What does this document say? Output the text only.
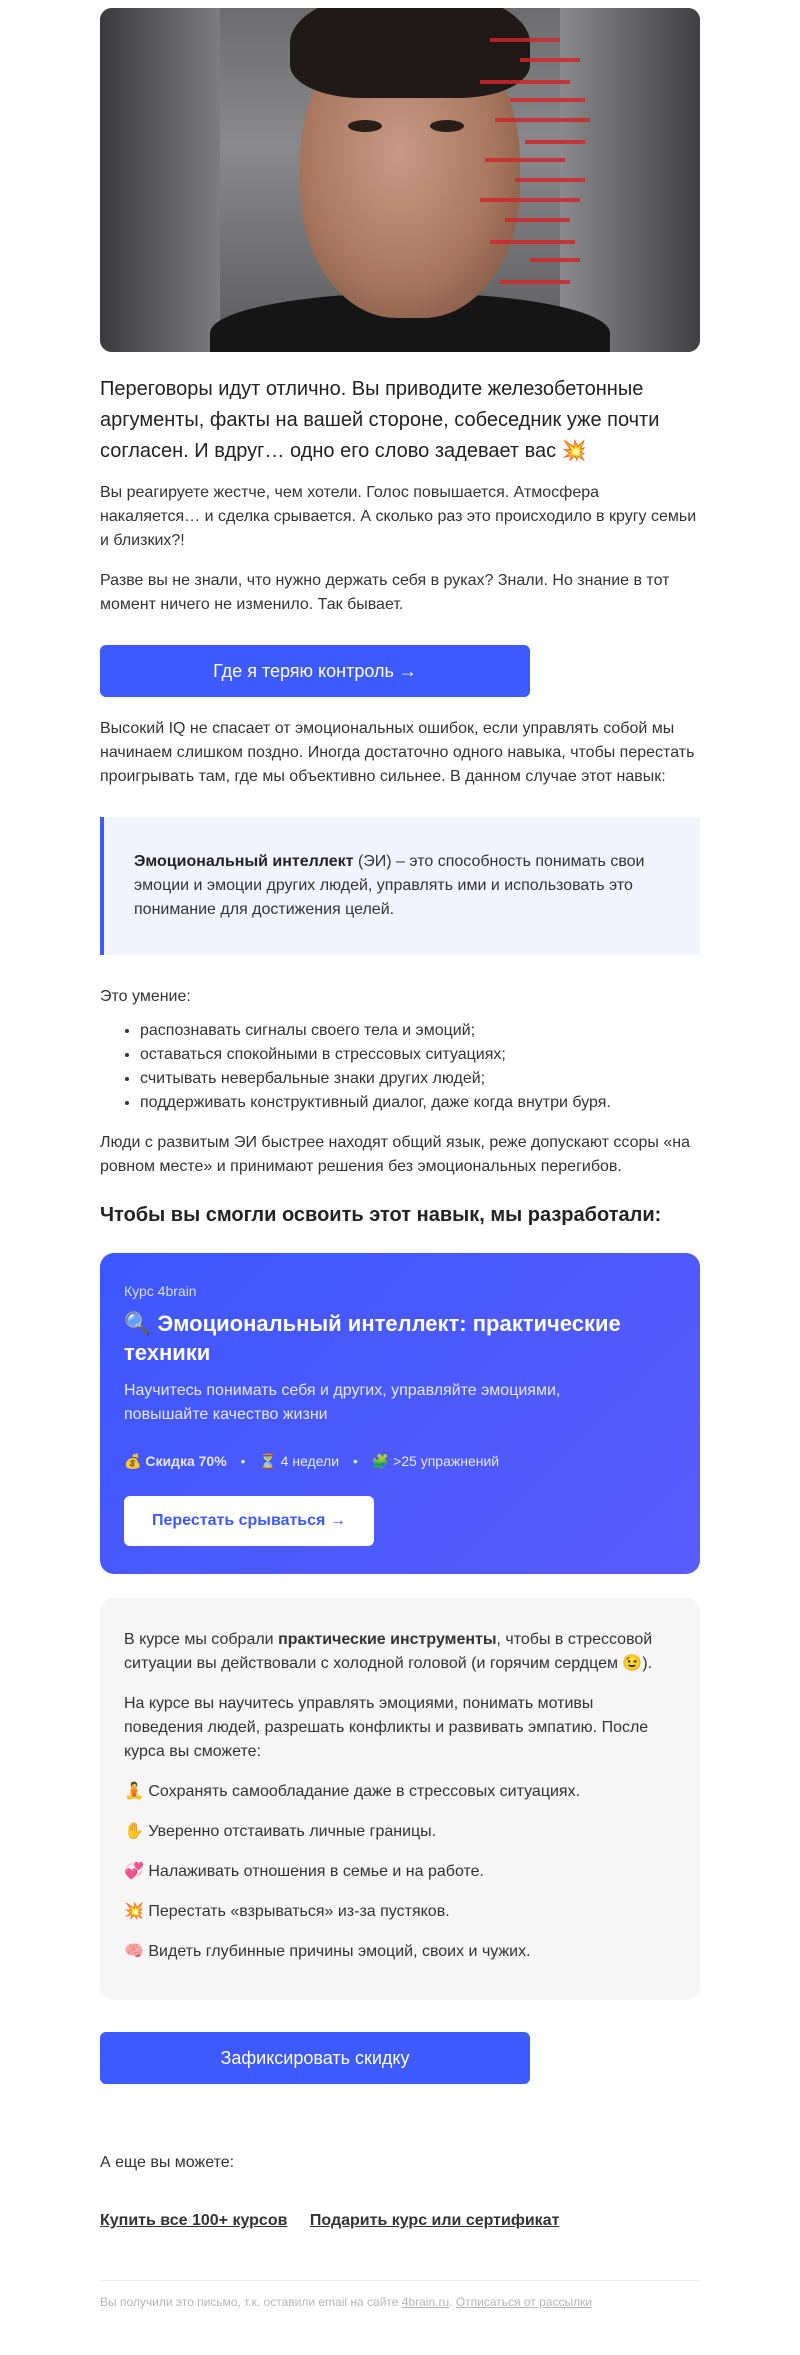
Переговоры идут отлично. Вы приводите железобетонные аргументы, факты на вашей стороне, собеседник уже почти согласен. И вдруг… одно его слово задевает вас 💥

Вы реагируете жестче, чем хотели. Голос повышается. Атмосфера накаляется… и сделка срывается. А сколько раз это происходило в кругу семьи и близких?!

Разве вы не знали, что нужно держать себя в руках? Знали. Но знание в тот момент ничего не изменило. Так бывает.

Где я теряю контроль →

Высокий IQ не спасает от эмоциональных ошибок, если управлять собой мы начинаем слишком поздно. Иногда достаточно одного навыка, чтобы перестать проигрывать там, где мы объективно сильнее. В данном случае этот навык:

Эмоциональный интеллект (ЭИ) – это способность понимать свои эмоции и эмоции других людей, управлять ими и использовать это понимание для достижения целей.

Это умение:

• распознавать сигналы своего тела и эмоций;
• оставаться спокойными в стрессовых ситуациях;
• считывать невербальные знаки других людей;
• поддерживать конструктивный диалог, даже когда внутри буря.

Люди с развитым ЭИ быстрее находят общий язык, реже допускают ссоры «на ровном месте» и принимают решения без эмоциональных перегибов.

Чтобы вы смогли освоить этот навык, мы разработали:
Курс 4brain
🔍 Эмоциональный интеллект: практические техники
Научитесь понимать себя и других, управляйте эмоциями, повышайте качество жизни
💰 Скидка 70% • ⏳ 4 недели • 🧩 >25 упражнений
Перестать срываться →

В курсе мы собрали практические инструменты, чтобы в стрессовой ситуации вы действовали с холодной головой (и горячим сердцем 😉).

На курсе вы научитесь управлять эмоциями, понимать мотивы поведения людей, разрешать конфликты и развивать эмпатию. После курса вы сможете:

🧘 Сохранять самообладание даже в стрессовых ситуациях.
✋ Уверенно отстаивать личные границы.
💞 Налаживать отношения в семье и на работе.
💥 Перестать «взрываться» из-за пустяков.
🧠 Видеть глубинные причины эмоций, своих и чужих.
Зафиксировать скидку
А еще вы можете:
Купить все 100+ курсов Подарить курс или сертификат
Вы получили это письмо, т.к. оставили email на сайте 4brain.ru. Отписаться от рассылки
